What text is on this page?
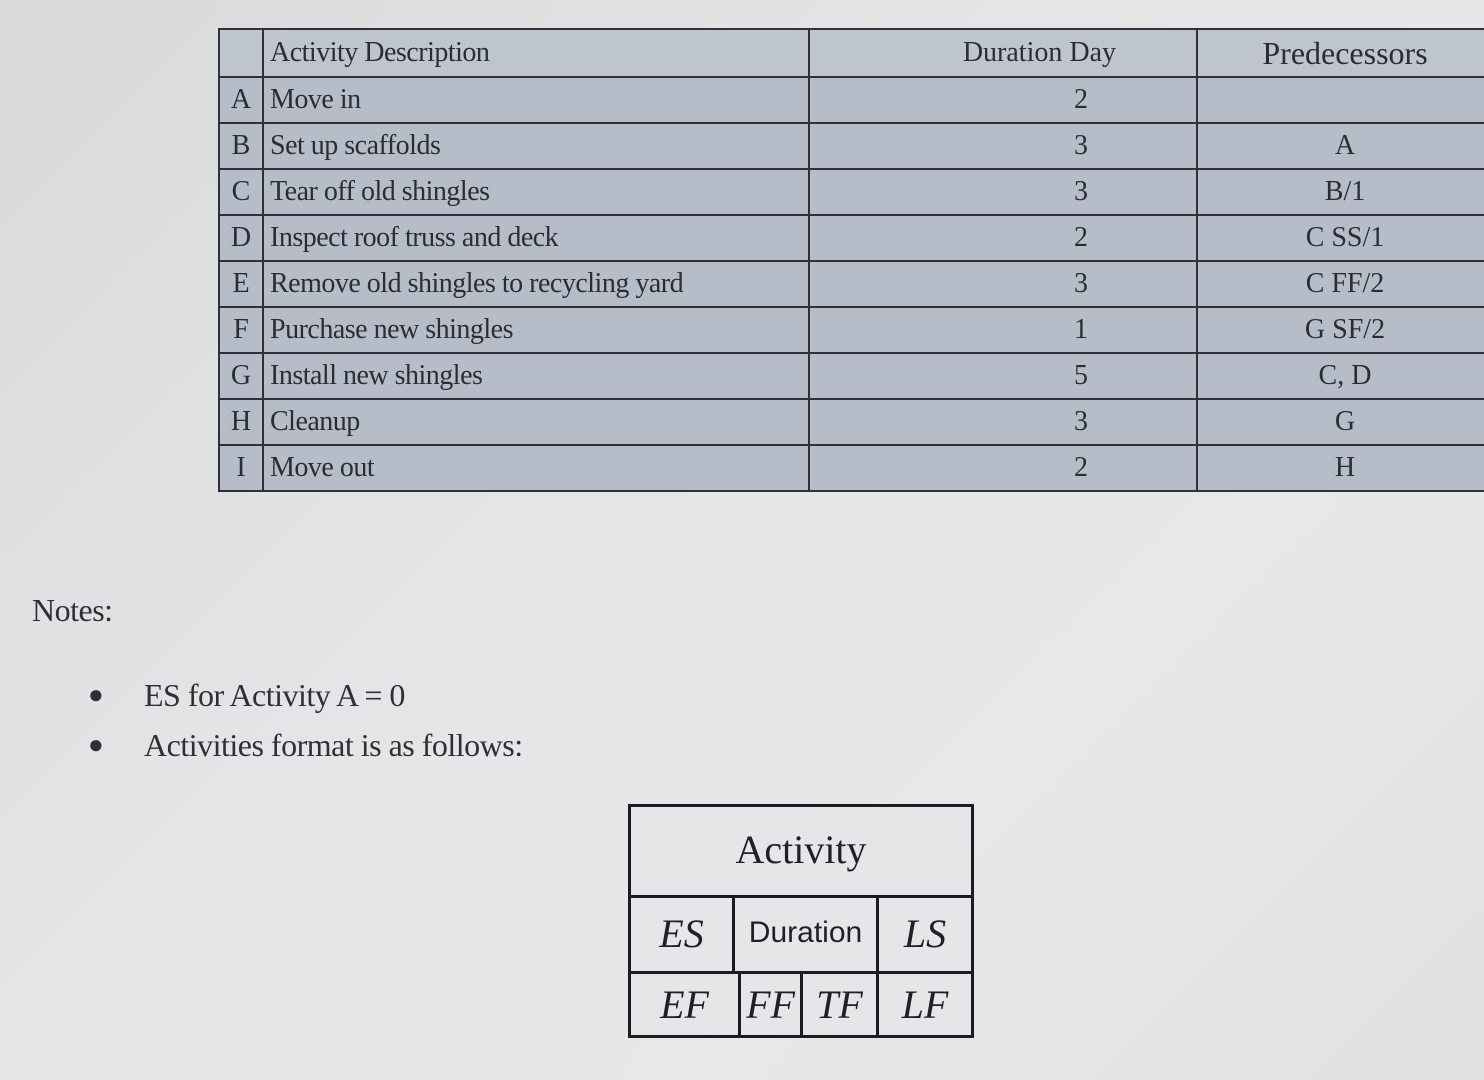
	Activity Description	Duration Day	Predecessors
A	Move in	2	
B	Set up scaffolds	3	A
C	Tear off old shingles	3	B/1
D	Inspect roof truss and deck	2	C SS/1
E	Remove old shingles to recycling yard	3	C FF/2
F	Purchase new shingles	1	G SF/2
G	Install new shingles	5	C, D
H	Cleanup	3	G
I	Move out	2	H
Notes:
● ES for Activity A = 0
● Activities format is as follows:
Activity
ES	Duration	LS
EF FF TF LF
